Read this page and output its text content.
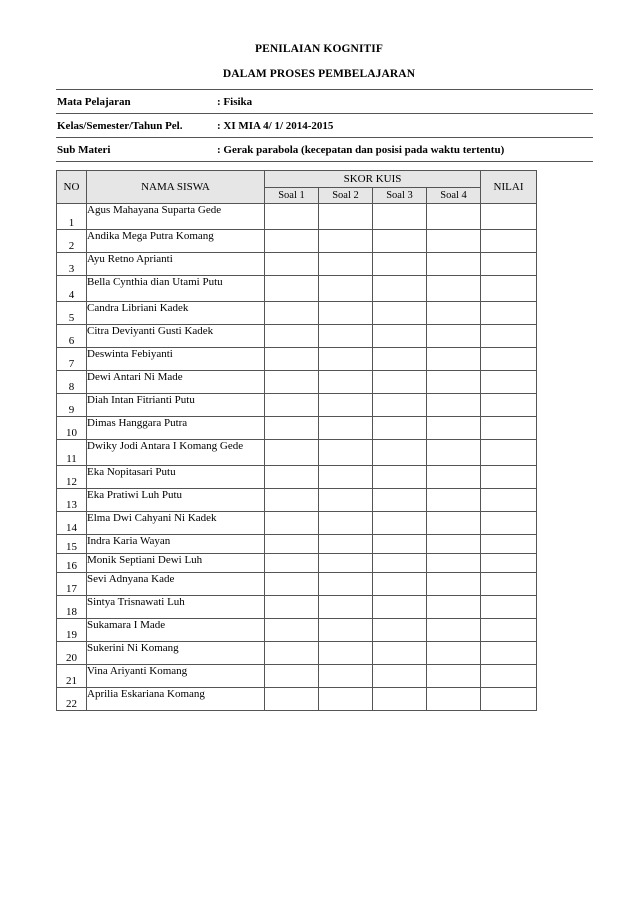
PENILAIAN KOGNITIF
DALAM PROSES PEMBELAJARAN
Mata Pelajaran	: Fisika
Kelas/Semester/Tahun Pel.	: XI MIA 4/ 1/ 2014-2015
Sub Materi	: Gerak parabola (kecepatan dan posisi pada waktu tertentu)
NO	NAMA SISWA	SKOR KUIS				NILAI
		Soal 1	Soal 2	Soal 3	Soal 4	
1	Agus Mahayana Suparta Gede					
2	Andika Mega Putra Komang					
3	Ayu Retno Aprianti					
4	Bella Cynthia dian Utami Putu					
5	Candra Libriani Kadek					
6	Citra Deviyanti Gusti Kadek					
7	Deswinta Febiyanti					
8	Dewi Antari Ni Made					
9	Diah Intan Fitrianti Putu					
10	Dimas Hanggara Putra					
11	Dwiky Jodi Antara I Komang Gede					
12	Eka Nopitasari Putu					
13	Eka Pratiwi Luh Putu					
14	Elma Dwi Cahyani Ni Kadek					
15	Indra Karia Wayan					
16	Monik Septiani Dewi Luh					
17	Sevi Adnyana Kade					
18	Sintya Trisnawati Luh					
19	Sukamara I Made					
20	Sukerini Ni Komang					
21	Vina Ariyanti Komang					
22	Aprilia Eskariana Komang					
